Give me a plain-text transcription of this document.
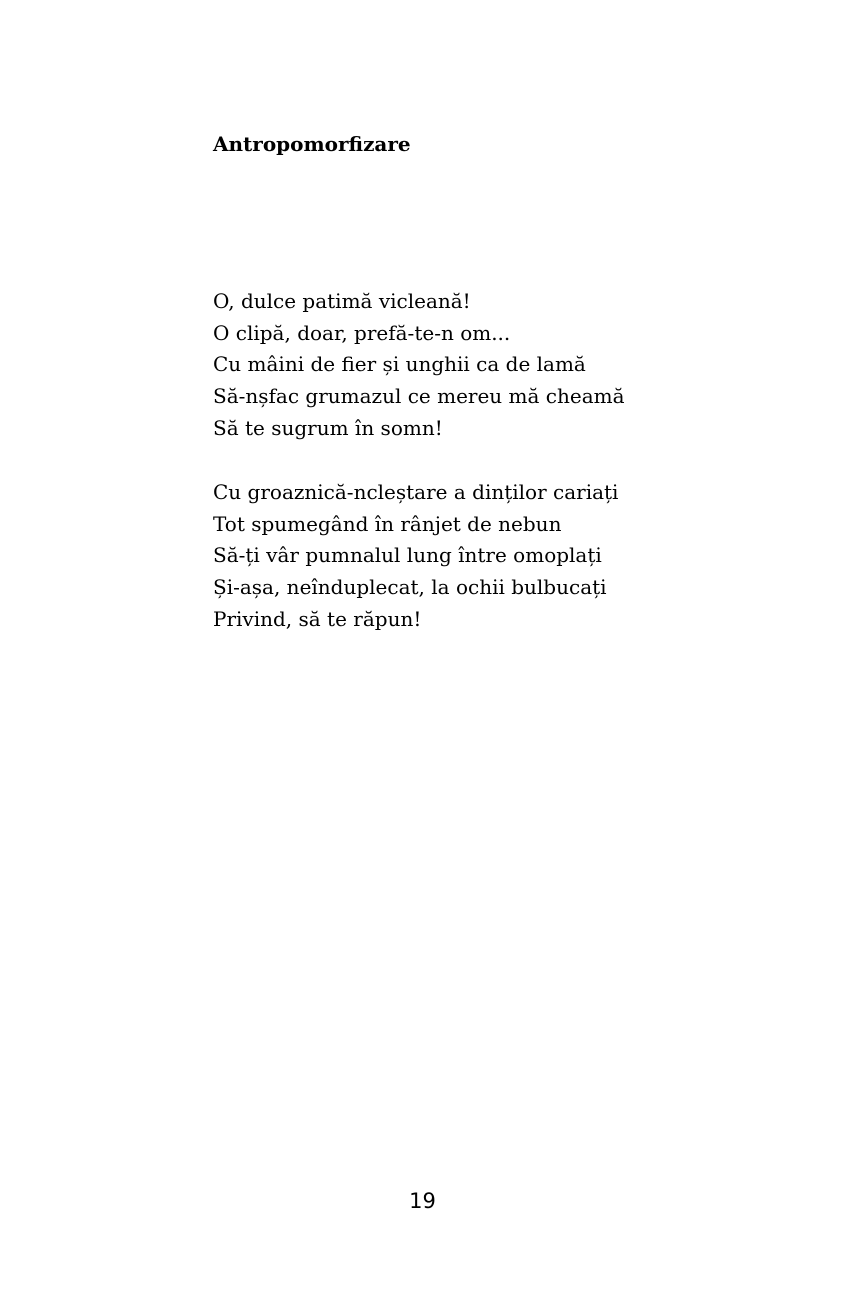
Antropomorfizare
O, dulce patimă vicleană!
O clipă, doar, prefă-te-n om...
Cu mâini de fier și unghii ca de lamă
Să-nșfac grumazul ce mereu mă cheamă
Să te sugrum în somn!
Cu groaznică-ncleștare a dinților cariați
Tot spumegând în rânjet de nebun
Să-ți vâr pumnalul lung între omoplați
Și-așa, neînduplecat, la ochii bulbucați
Privind, să te răpun!
19
